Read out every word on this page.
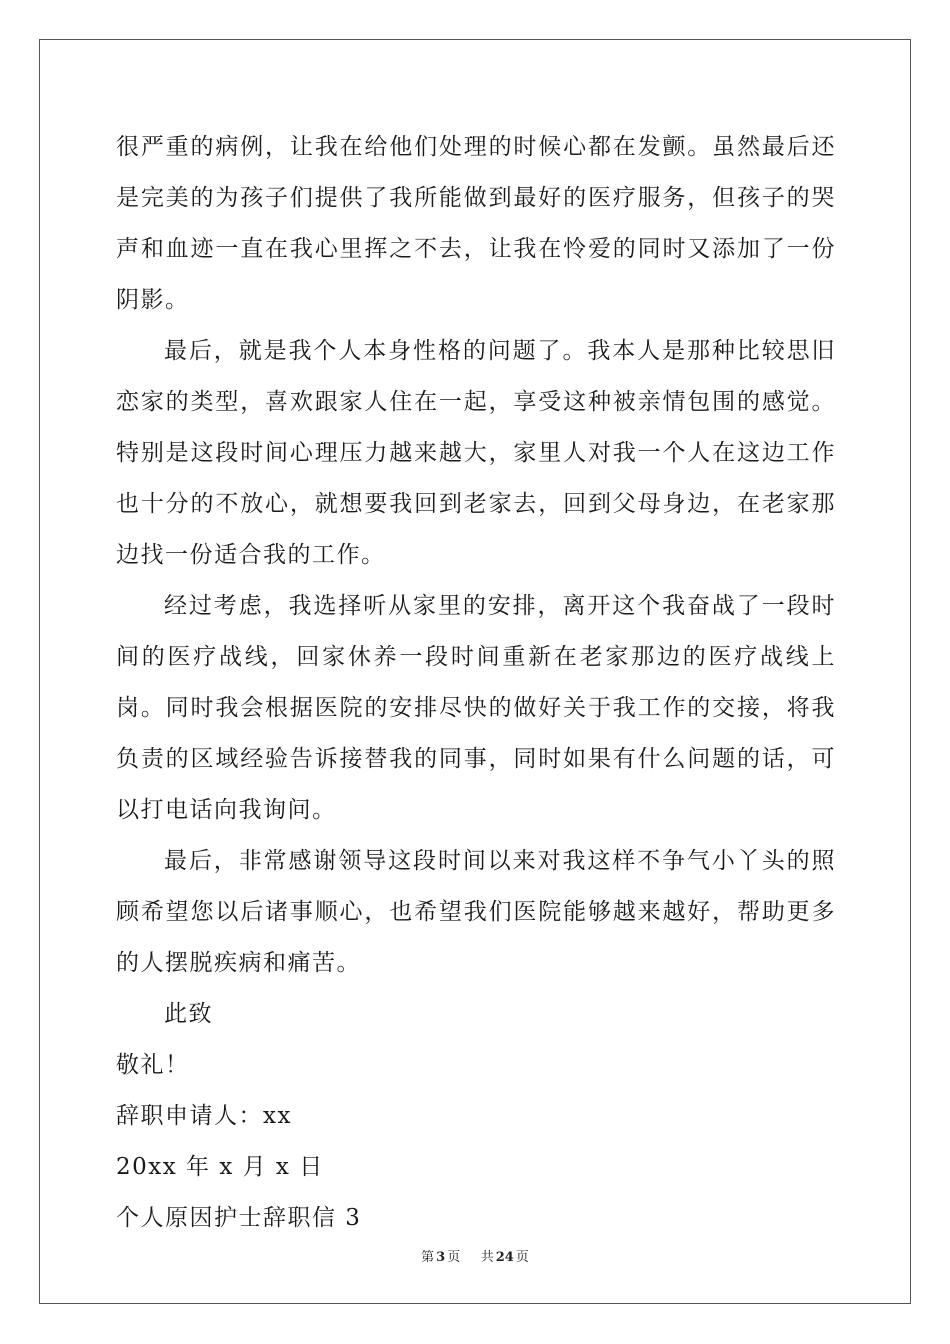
很严重的病例，让我在给他们处理的时候心都在发颤。虽然最后还是完美的为孩子们提供了我所能做到最好的医疗服务，但孩子的哭声和血迹一直在我心里挥之不去，让我在怜爱的同时又添加了一份阴影。

最后，就是我个人本身性格的问题了。我本人是那种比较思旧恋家的类型，喜欢跟家人住在一起，享受这种被亲情包围的感觉。特别是这段时间心理压力越来越大，家里人对我一个人在这边工作也十分的不放心，就想要我回到老家去，回到父母身边，在老家那边找一份适合我的工作。

经过考虑，我选择听从家里的安排，离开这个我奋战了一段时间的医疗战线，回家休养一段时间重新在老家那边的医疗战线上岗。同时我会根据医院的安排尽快的做好关于我工作的交接，将我负责的区域经验告诉接替我的同事，同时如果有什么问题的话，可以打电话向我询问。

最后，非常感谢领导这段时间以来对我这样不争气小丫头的照顾希望您以后诸事顺心，也希望我们医院能够越来越好，帮助更多的人摆脱疾病和痛苦。

此致

敬礼！

辞职申请人：xx

20xx 年 x 月 x 日

个人原因护士辞职信 3

第 3 页 共 24 页
